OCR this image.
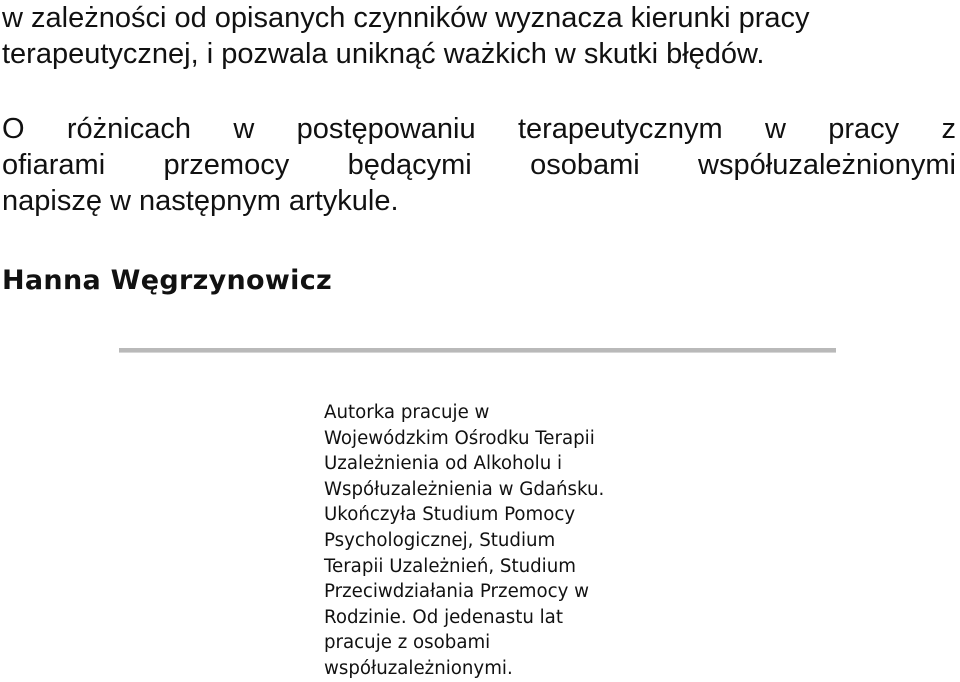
w zależności od opisanych czynników wyznacza kierunki pracy

terapeutycznej, i pozwala uniknąć ważkich w skutki błędów.

O różnicach w postępowaniu terapeutycznym w pracy z

ofiarami przemocy będącymi osobami współuzależnionymi

napiszę w następnym artykule.

Hanna Węgrzynowicz

Autorka pracuje w
Wojewódzkim Ośrodku Terapii
Uzależnienia od Alkoholu i
Współuzależnienia w Gdańsku.
Ukończyła Studium Pomocy
Psychologicznej, Studium
Terapii Uzależnień, Studium
Przeciwdziałania Przemocy w
Rodzinie. Od jedenastu lat
pracuje z osobami
współuzależnionymi.
